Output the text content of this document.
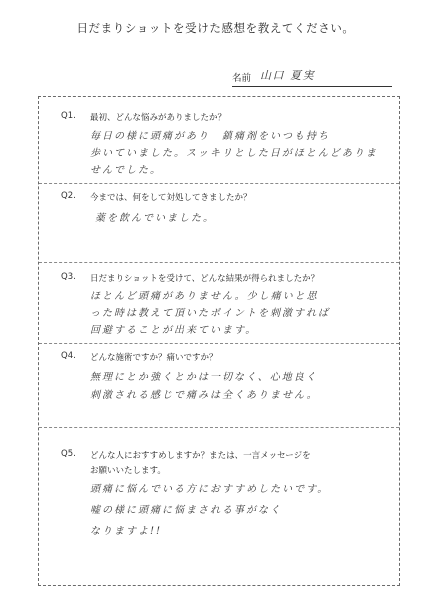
日だまりショットを受けた感想を教えてください。
名前 山口 夏実
Q1. 最初、どんな悩みがありましたか？
毎日の様に頭痛があり　鎮痛剤をいつも持ち
歩いていました。スッキリとした日がほとんどありま
せんでした。
Q2. 今までは、何をして対処してきましたか？
薬を飲んでいました。
Q3. 日だまりショットを受けて、どんな結果が得られましたか？
ほとんど頭痛がありません。少し痛いと思
った時は教えて頂いたポイントを刺激すれば
回避することが出来ています。
Q4. どんな施術ですか？痛いですか？
無理にとか強くとかは一切なく、心地良く
刺激される感じで痛みは全くありません。
Q5. どんな人におすすめしますか？または、一言メッセージを
お願いいたします。
頭痛に悩んでいる方におすすめしたいです。
嘘の様に頭痛に悩まされる事がなく
なりますよ!!
